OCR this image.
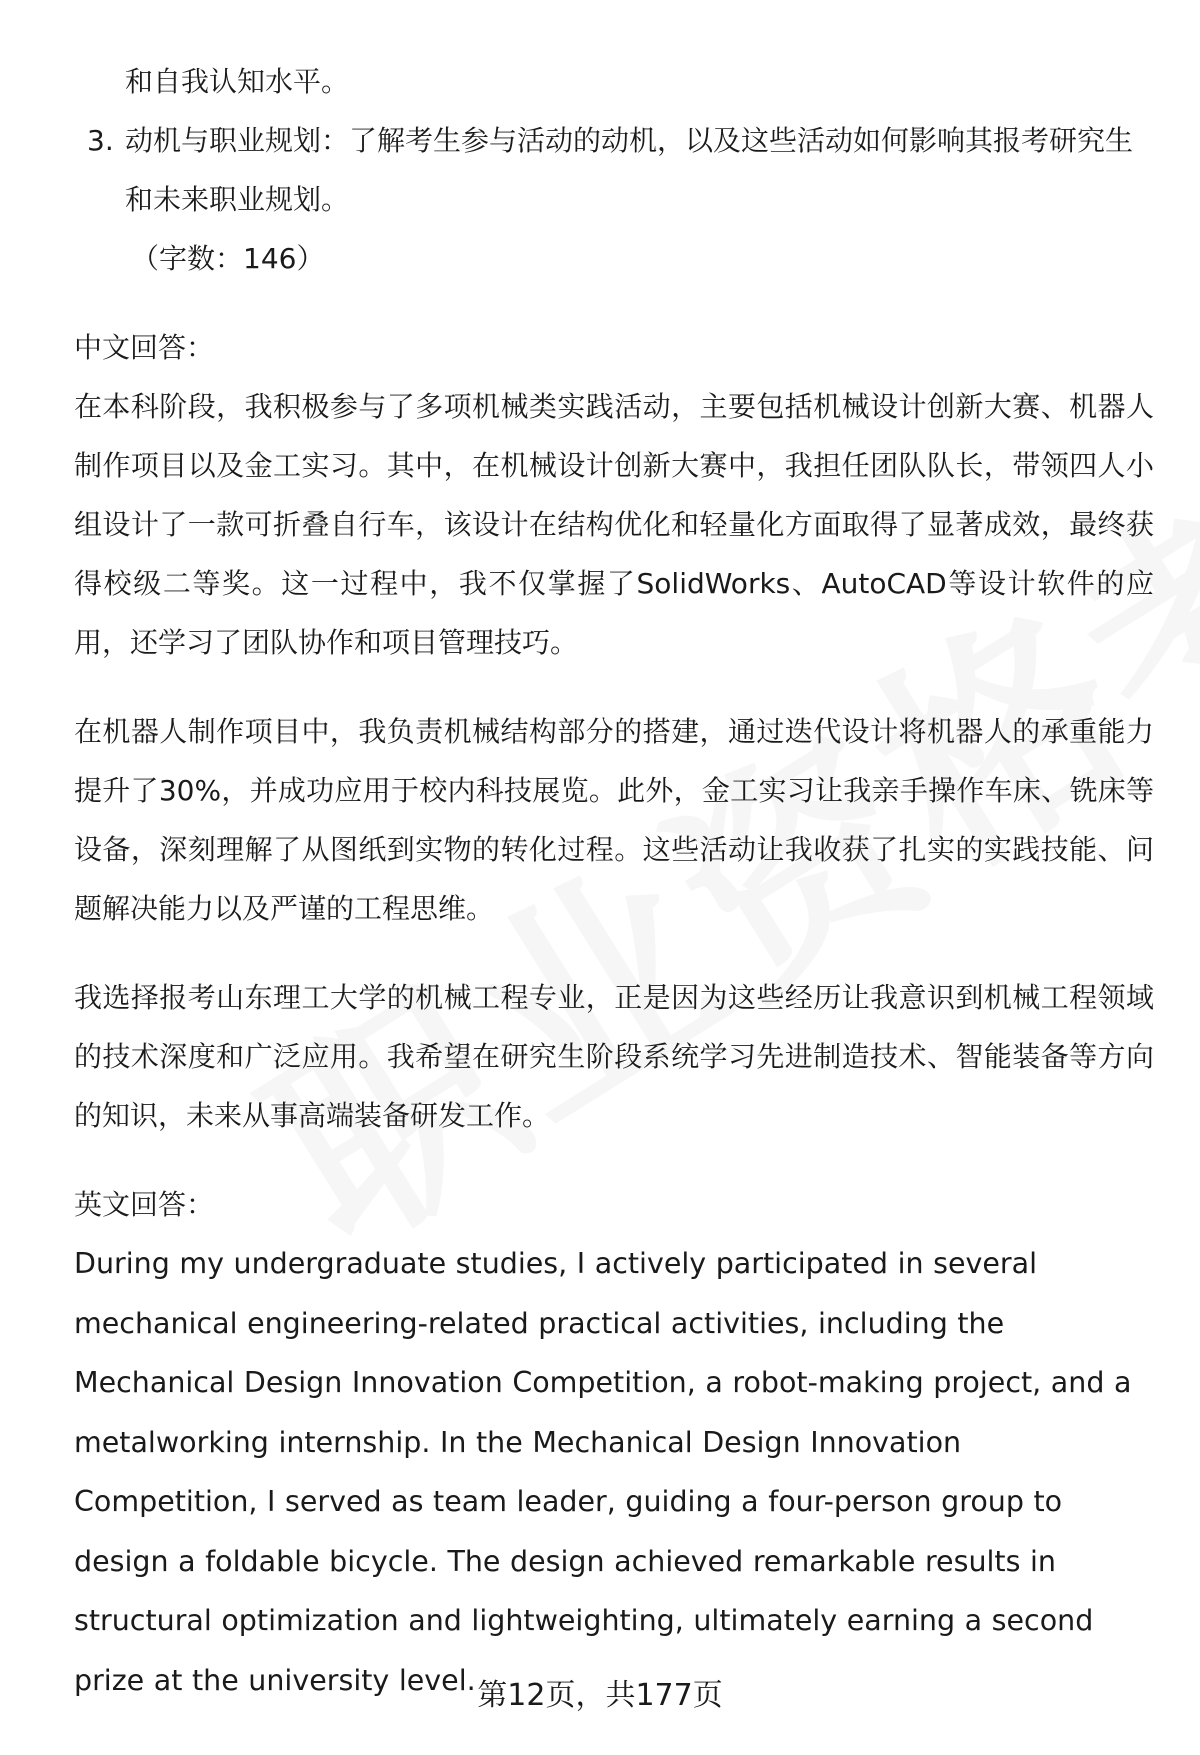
和自我认知水平。
3. 动机与职业规划：了解考生参与活动的动机，以及这些活动如何影响其报考研究生和未来职业规划。
（字数：146）
中文回答：

在本科阶段，我积极参与了多项机械类实践活动，主要包括机械设计创新大赛、机器人制作项目以及金工实习。其中，在机械设计创新大赛中，我担任团队队长，带领四人小组设计了一款可折叠自行车，该设计在结构优化和轻量化方面取得了显著成效，最终获得校级二等奖。这一过程中，我不仅掌握了SolidWorks、AutoCAD等设计软件的应用，还学习了团队协作和项目管理技巧。

在机器人制作项目中，我负责机械结构部分的搭建，通过迭代设计将机器人的承重能力提升了30%，并成功应用于校内科技展览。此外，金工实习让我亲手操作车床、铣床等设备，深刻理解了从图纸到实物的转化过程。这些活动让我收获了扎实的实践技能、问题解决能力以及严谨的工程思维。

我选择报考山东理工大学的机械工程专业，正是因为这些经历让我意识到机械工程领域的技术深度和广泛应用。我希望在研究生阶段系统学习先进制造技术、智能装备等方向的知识，未来从事高端装备研发工作。

英文回答：

During my undergraduate studies, I actively participated in several mechanical engineering-related practical activities, including the Mechanical Design Innovation Competition, a robot-making project, and a metalworking internship. In the Mechanical Design Innovation Competition, I served as team leader, guiding a four-person group to design a foldable bicycle. The design achieved remarkable results in structural optimization and lightweighting, ultimately earning a second prize at the university level. 第12页，共177页
